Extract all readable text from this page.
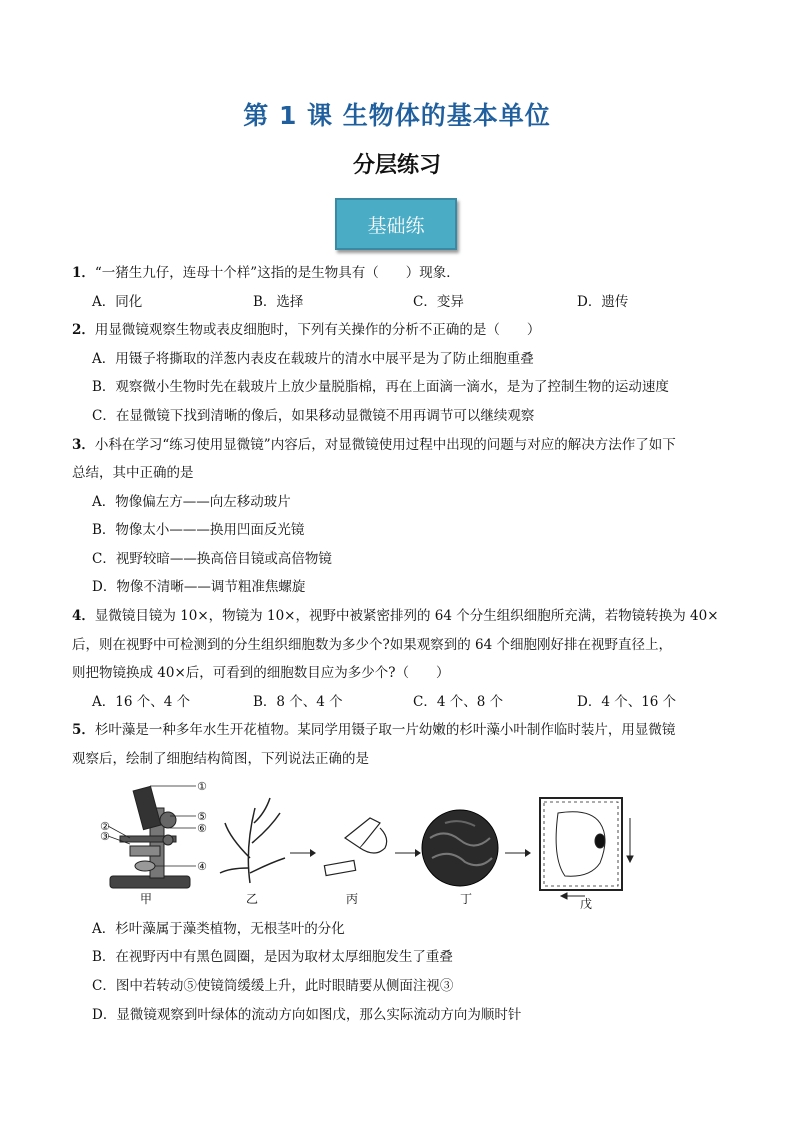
第 1 课 生物体的基本单位
分层练习
基础练
1．“一猪生九仔，连母十个样”这指的是生物具有（　　）现象．
A．同化	B．选择	C．变异	D．遗传
2．用显微镜观察生物或表皮细胞时，下列有关操作的分析不正确的是（　　）
A．用镊子将撕取的洋葱内表皮在载玻片的清水中展平是为了防止细胞重叠
B．观察微小生物时先在载玻片上放少量脱脂棉，再在上面滴一滴水，是为了控制生物的运动速度
C．在显微镜下找到清晰的像后，如果移动显微镜不用再调节可以继续观察
3．小科在学习“练习使用显微镜”内容后，对显微镜使用过程中出现的问题与对应的解决方法作了如下
总结，其中正确的是
A．物像偏左方——向左移动玻片
B．物像太小———换用凹面反光镜
C．视野较暗——换高倍目镜或高倍物镜
D．物像不清晰——调节粗准焦螺旋
4．显微镜目镜为 10×，物镜为 10×，视野中被紧密排列的 64 个分生组织细胞所充满，若物镜转换为 40×
后，则在视野中可检测到的分生组织细胞数为多少个?如果观察到的 64 个细胞刚好排在视野直径上，
则把物镜换成 40×后，可看到的细胞数目应为多少个?（　　）
A．16 个、4 个	B．8 个、4 个	C．4 个、8 个	D．4 个、16 个
5．杉叶藻是一种多年水生开花植物。某同学用镊子取一片幼嫩的杉叶藻小叶制作临时装片，用显微镜
观察后，绘制了细胞结构简图，下列说法正确的是
①
②
③
④
⑤
⑥
甲	乙	丙	丁	戊
A．杉叶藻属于藻类植物，无根茎叶的分化
B．在视野丙中有黑色圆圈，是因为取材太厚细胞发生了重叠
C．图中若转动⑤使镜筒缓缓上升，此时眼睛要从侧面注视③
D．显微镜观察到叶绿体的流动方向如图戊，那么实际流动方向为顺时针
